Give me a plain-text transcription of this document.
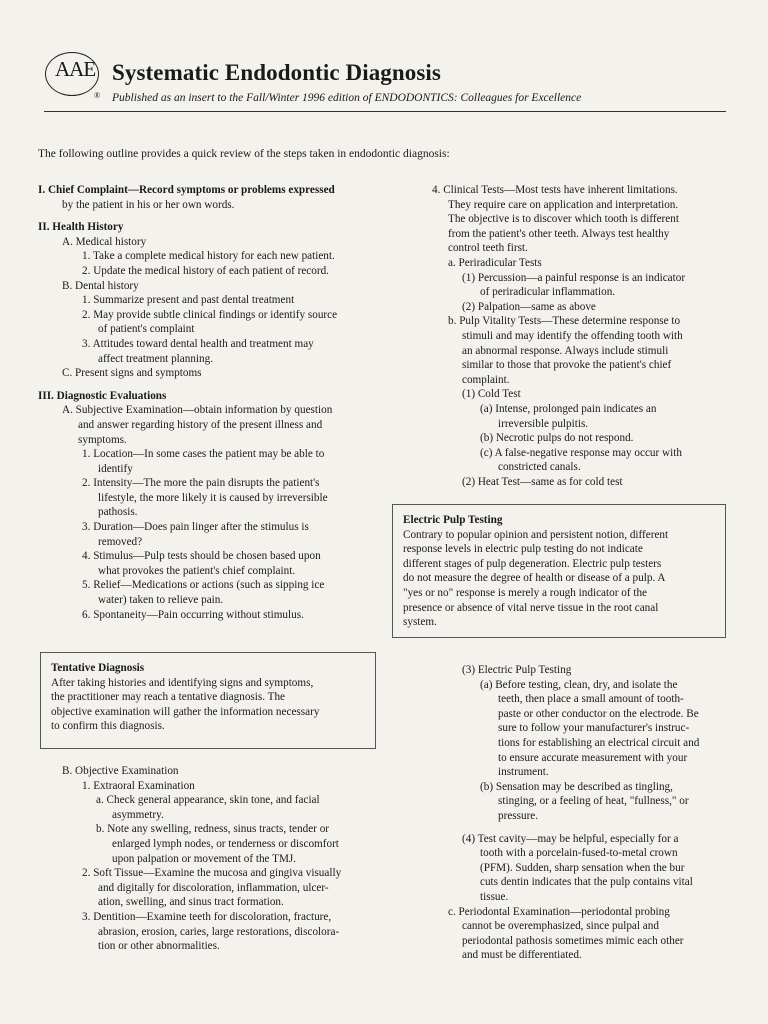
AAE
®
Systematic Endodontic Diagnosis
Published as an insert to the Fall/Winter 1996 edition of ENDODONTICS: Colleagues for Excellence
The following outline provides a quick review of the steps taken in endodontic diagnosis:
I. Chief Complaint—Record symptoms or problems expressed
by the patient in his or her own words.
II. Health History
A. Medical history
1. Take a complete medical history for each new patient.
2. Update the medical history of each patient of record.
B. Dental history
1. Summarize present and past dental treatment
2. May provide subtle clinical findings or identify source
of patient's complaint
3. Attitudes toward dental health and treatment may
affect treatment planning.
C. Present signs and symptoms
III. Diagnostic Evaluations
A. Subjective Examination—obtain information by question
and answer regarding history of the present illness and
symptoms.
1. Location—In some cases the patient may be able to
identify
2. Intensity—The more the pain disrupts the patient's
lifestyle, the more likely it is caused by irreversible
pathosis.
3. Duration—Does pain linger after the stimulus is
removed?
4. Stimulus—Pulp tests should be chosen based upon
what provokes the patient's chief complaint.
5. Relief—Medications or actions (such as sipping ice
water) taken to relieve pain.
6. Spontaneity—Pain occurring without stimulus.
4. Clinical Tests—Most tests have inherent limitations.
They require care on application and interpretation.
The objective is to discover which tooth is different
from the patient's other teeth. Always test healthy
control teeth first.
a. Periradicular Tests
(1) Percussion—a painful response is an indicator
of periradicular inflammation.
(2) Palpation—same as above
b. Pulp Vitality Tests—These determine response to
stimuli and may identify the offending tooth with
an abnormal response. Always include stimuli
similar to those that provoke the patient's chief
complaint.
(1) Cold Test
(a) Intense, prolonged pain indicates an
irreversible pulpitis.
(b) Necrotic pulps do not respond.
(c) A false-negative response may occur with
constricted canals.
(2) Heat Test—same as for cold test
Electric Pulp Testing
Contrary to popular opinion and persistent notion, different
response levels in electric pulp testing do not indicate
different stages of pulp degeneration. Electric pulp testers
do not measure the degree of health or disease of a pulp. A
"yes or no" response is merely a rough indicator of the
presence or absence of vital nerve tissue in the root canal
system.
Tentative Diagnosis
After taking histories and identifying signs and symptoms,
the practitioner may reach a tentative diagnosis. The
objective examination will gather the information necessary
to confirm this diagnosis.
(3) Electric Pulp Testing
(a) Before testing, clean, dry, and isolate the
teeth, then place a small amount of tooth-
paste or other conductor on the electrode. Be
sure to follow your manufacturer's instruc-
tions for establishing an electrical circuit and
to ensure accurate measurement with your
instrument.
(b) Sensation may be described as tingling,
stinging, or a feeling of heat, "fullness," or
pressure.
(4) Test cavity—may be helpful, especially for a
tooth with a porcelain-fused-to-metal crown
(PFM). Sudden, sharp sensation when the bur
cuts dentin indicates that the pulp contains vital
tissue.
c. Periodontal Examination—periodontal probing
cannot be overemphasized, since pulpal and
periodontal pathosis sometimes mimic each other
and must be differentiated.
B. Objective Examination
1. Extraoral Examination
a. Check general appearance, skin tone, and facial
asymmetry.
b. Note any swelling, redness, sinus tracts, tender or
enlarged lymph nodes, or tenderness or discomfort
upon palpation or movement of the TMJ.
2. Soft Tissue—Examine the mucosa and gingiva visually
and digitally for discoloration, inflammation, ulcer-
ation, swelling, and sinus tract formation.
3. Dentition—Examine teeth for discoloration, fracture,
abrasion, erosion, caries, large restorations, discolora-
tion or other abnormalities.
